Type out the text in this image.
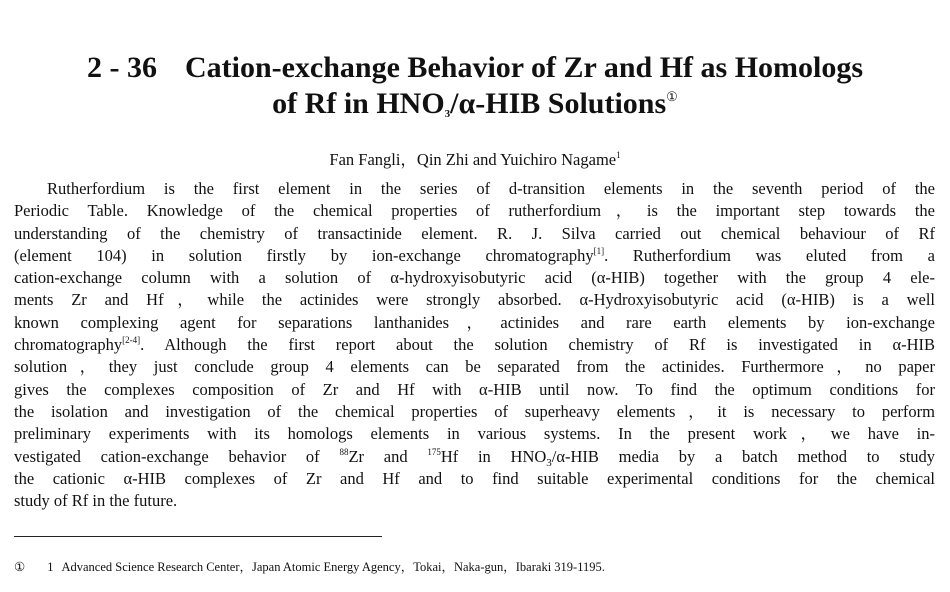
2 - 36 Cation-exchange Behavior of Zr and Hf as Homologs
of Rf in $HNO_3/\alpha$-HIB Solutions①
Fan Fangli，Qin Zhi and Yuichiro Nagame$^1$
Rutherfordium is the first element in the series of d-transition elements in the seventh period of the
Periodic Table. Knowledge of the chemical properties of rutherfordium，is the important step towards the
understanding of the chemistry of transactinide element. R. J. Silva carried out chemical behaviour of Rf
(element 104) in solution firstly by ion-exchange chromatography[1]. Rutherfordium was eluted from a
cation-exchange column with a solution of α-hydroxyisobutyric acid (α-HIB) together with the group 4 ele-
ments Zr and Hf，while the actinides were strongly absorbed. α-Hydroxyisobutyric acid (α-HIB) is a well
known complexing agent for separations lanthanides，actinides and rare earth elements by ion-exchange
chromatography[2-4]. Although the first report about the solution chemistry of Rf is investigated in α-HIB
solution，they just conclude group 4 elements can be separated from the actinides. Furthermore，no paper
gives the complexes composition of Zr and Hf with α-HIB until now. To find the optimum conditions for
the isolation and investigation of the chemical properties of superheavy elements，it is necessary to perform
preliminary experiments with its homologs elements in various systems. In the present work，we have in-
vestigated cation-exchange behavior of $^{88}$Zr and $^{175}$Hf in $HNO_3/\alpha$-HIB media by a batch method to study
the cationic α-HIB complexes of Zr and Hf and to find suitable experimental conditions for the chemical
study of Rf in the future.
① 1 Advanced Science Research Center，Japan Atomic Energy Agency，Tokai，Naka-gun，Ibaraki 319-1195.
